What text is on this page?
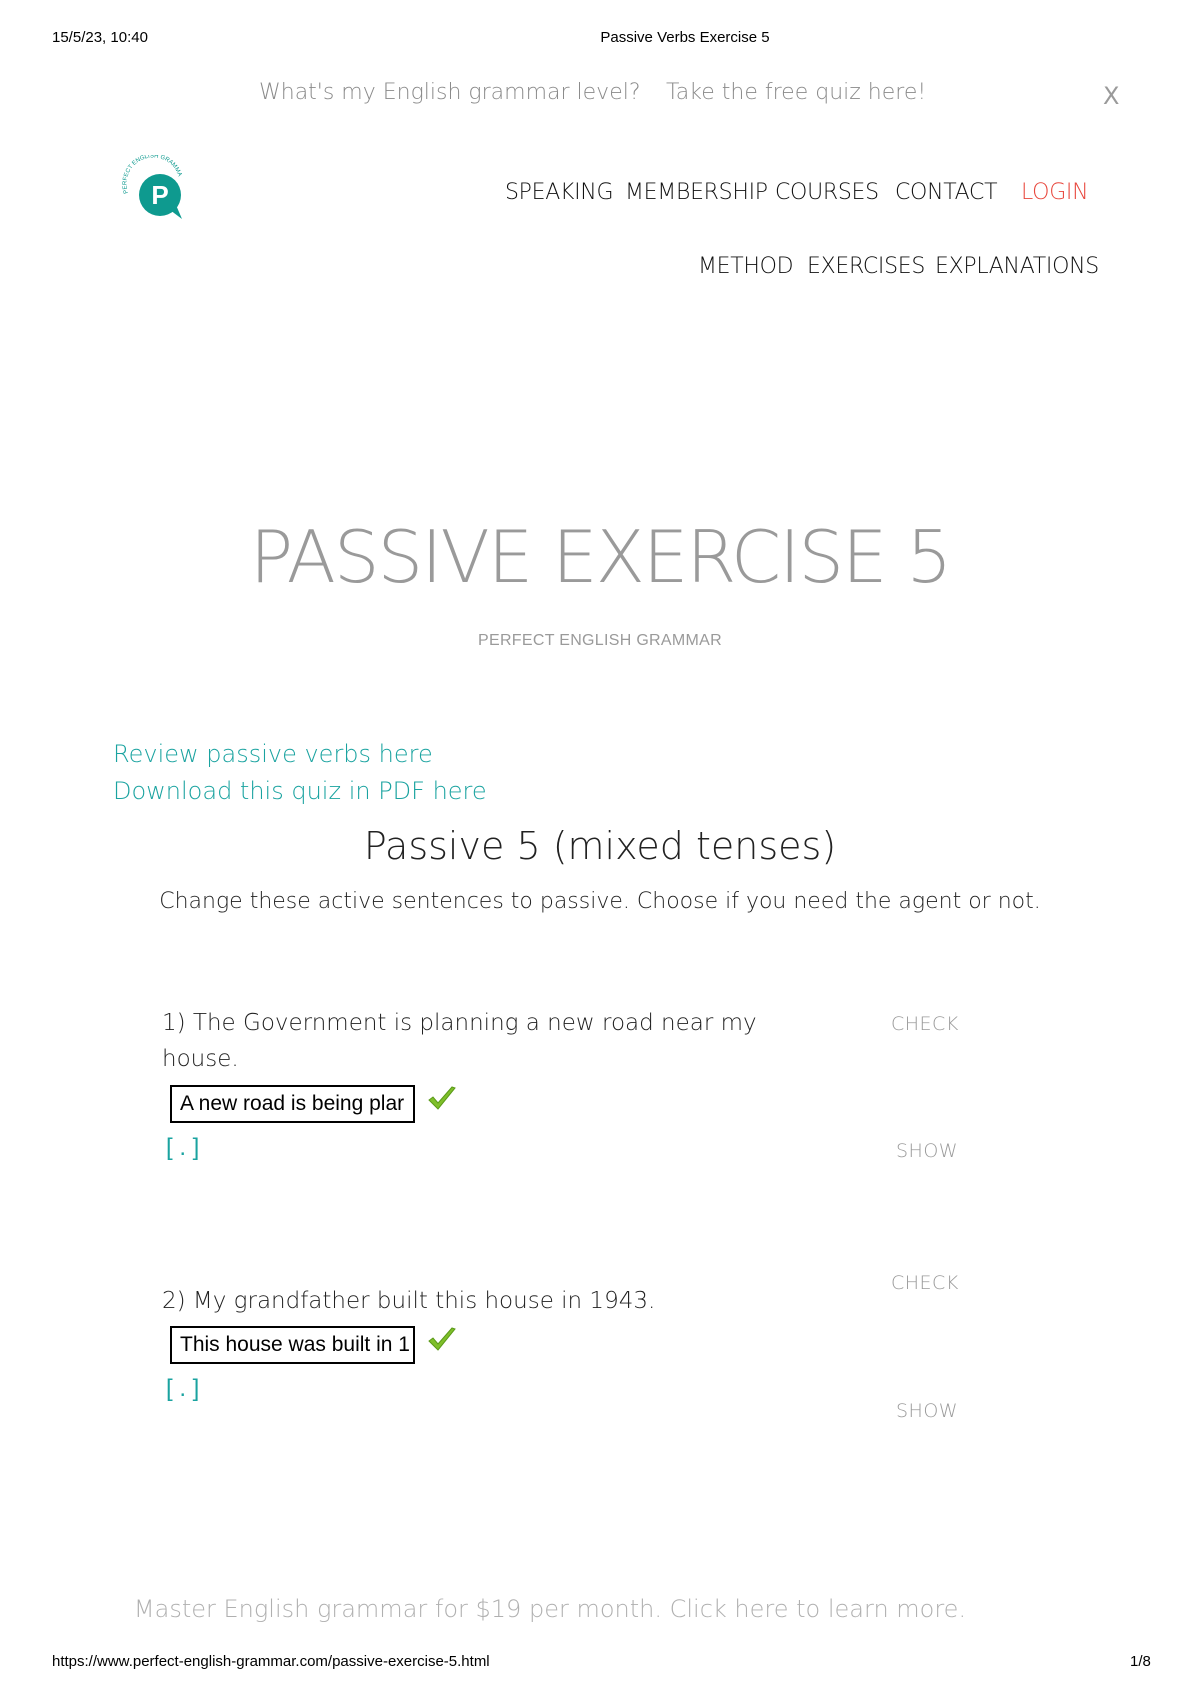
15/5/23, 10:40	Passive Verbs Exercise 5
What's my English grammar level? Take the free quiz here!	X
PERFECT ENGLISH GRAMMA
P	SPEAKING MEMBERSHIP COURSES CONTACT LOGIN
METHOD EXERCISES EXPLANATIONS
PASSIVE EXERCISE 5
PERFECT ENGLISH GRAMMAR
Review passive verbs here
Download this quiz in PDF here
Passive 5 (mixed tenses)
Change these active sentences to passive. Choose if you need the agent or not.
1) The Government is planning a new road near my house.
CHECK
A new road is being plar
[ . ]	SHOW
CHECK
2) My grandfather built this house in 1943.
This house was built in 1
[ . ]
SHOW
Master English grammar for $19 per month. Click here to learn more.
https://www.perfect-english-grammar.com/passive-exercise-5.html	1/8
